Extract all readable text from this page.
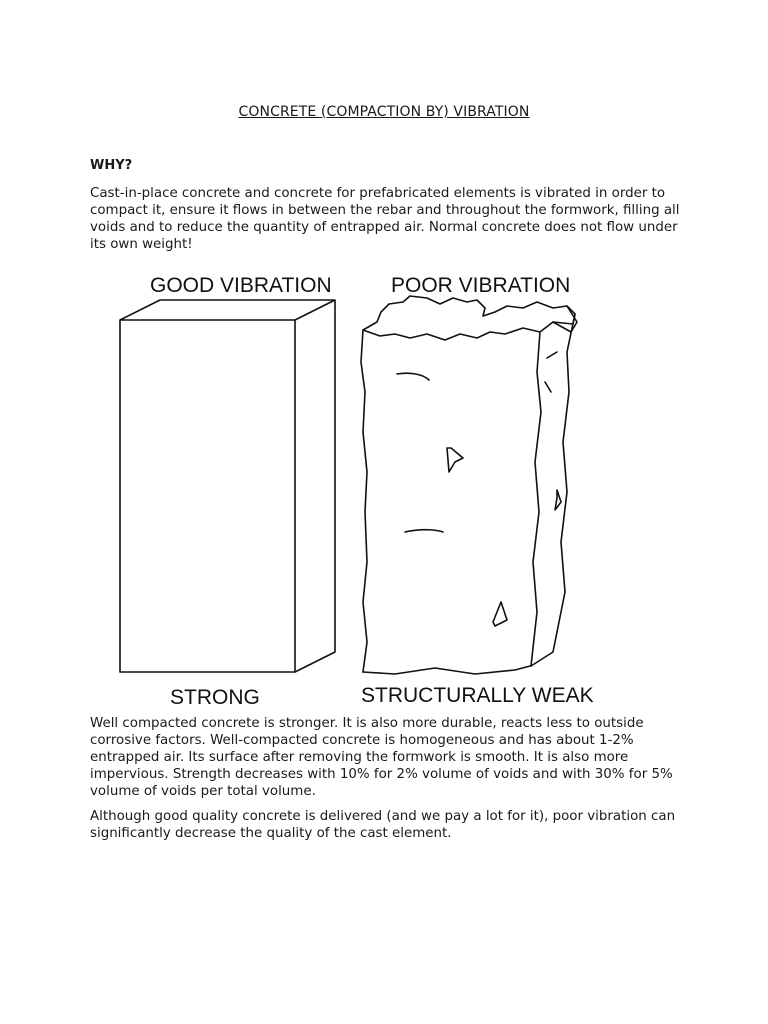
CONCRETE (COMPACTION BY) VIBRATION
WHY?

Cast-in-place concrete and concrete for prefabricated elements is vibrated in order to compact it, ensure it flows in between the rebar and throughout the formwork, filling all voids and to reduce the quantity of entrapped air. Normal concrete does not flow under its own weight!

GOOD VIBRATION	POOR VIBRATION
STRONG	STRUCTURALLY WEAK

Well compacted concrete is stronger. It is also more durable, reacts less to outside corrosive factors. Well-compacted concrete is homogeneous and has about 1-2% entrapped air. Its surface after removing the formwork is smooth. It is also more impervious. Strength decreases with 10% for 2% volume of voids and with 30% for 5% volume of voids per total volume.

Although good quality concrete is delivered (and we pay a lot for it), poor vibration can significantly decrease the quality of the cast element.
